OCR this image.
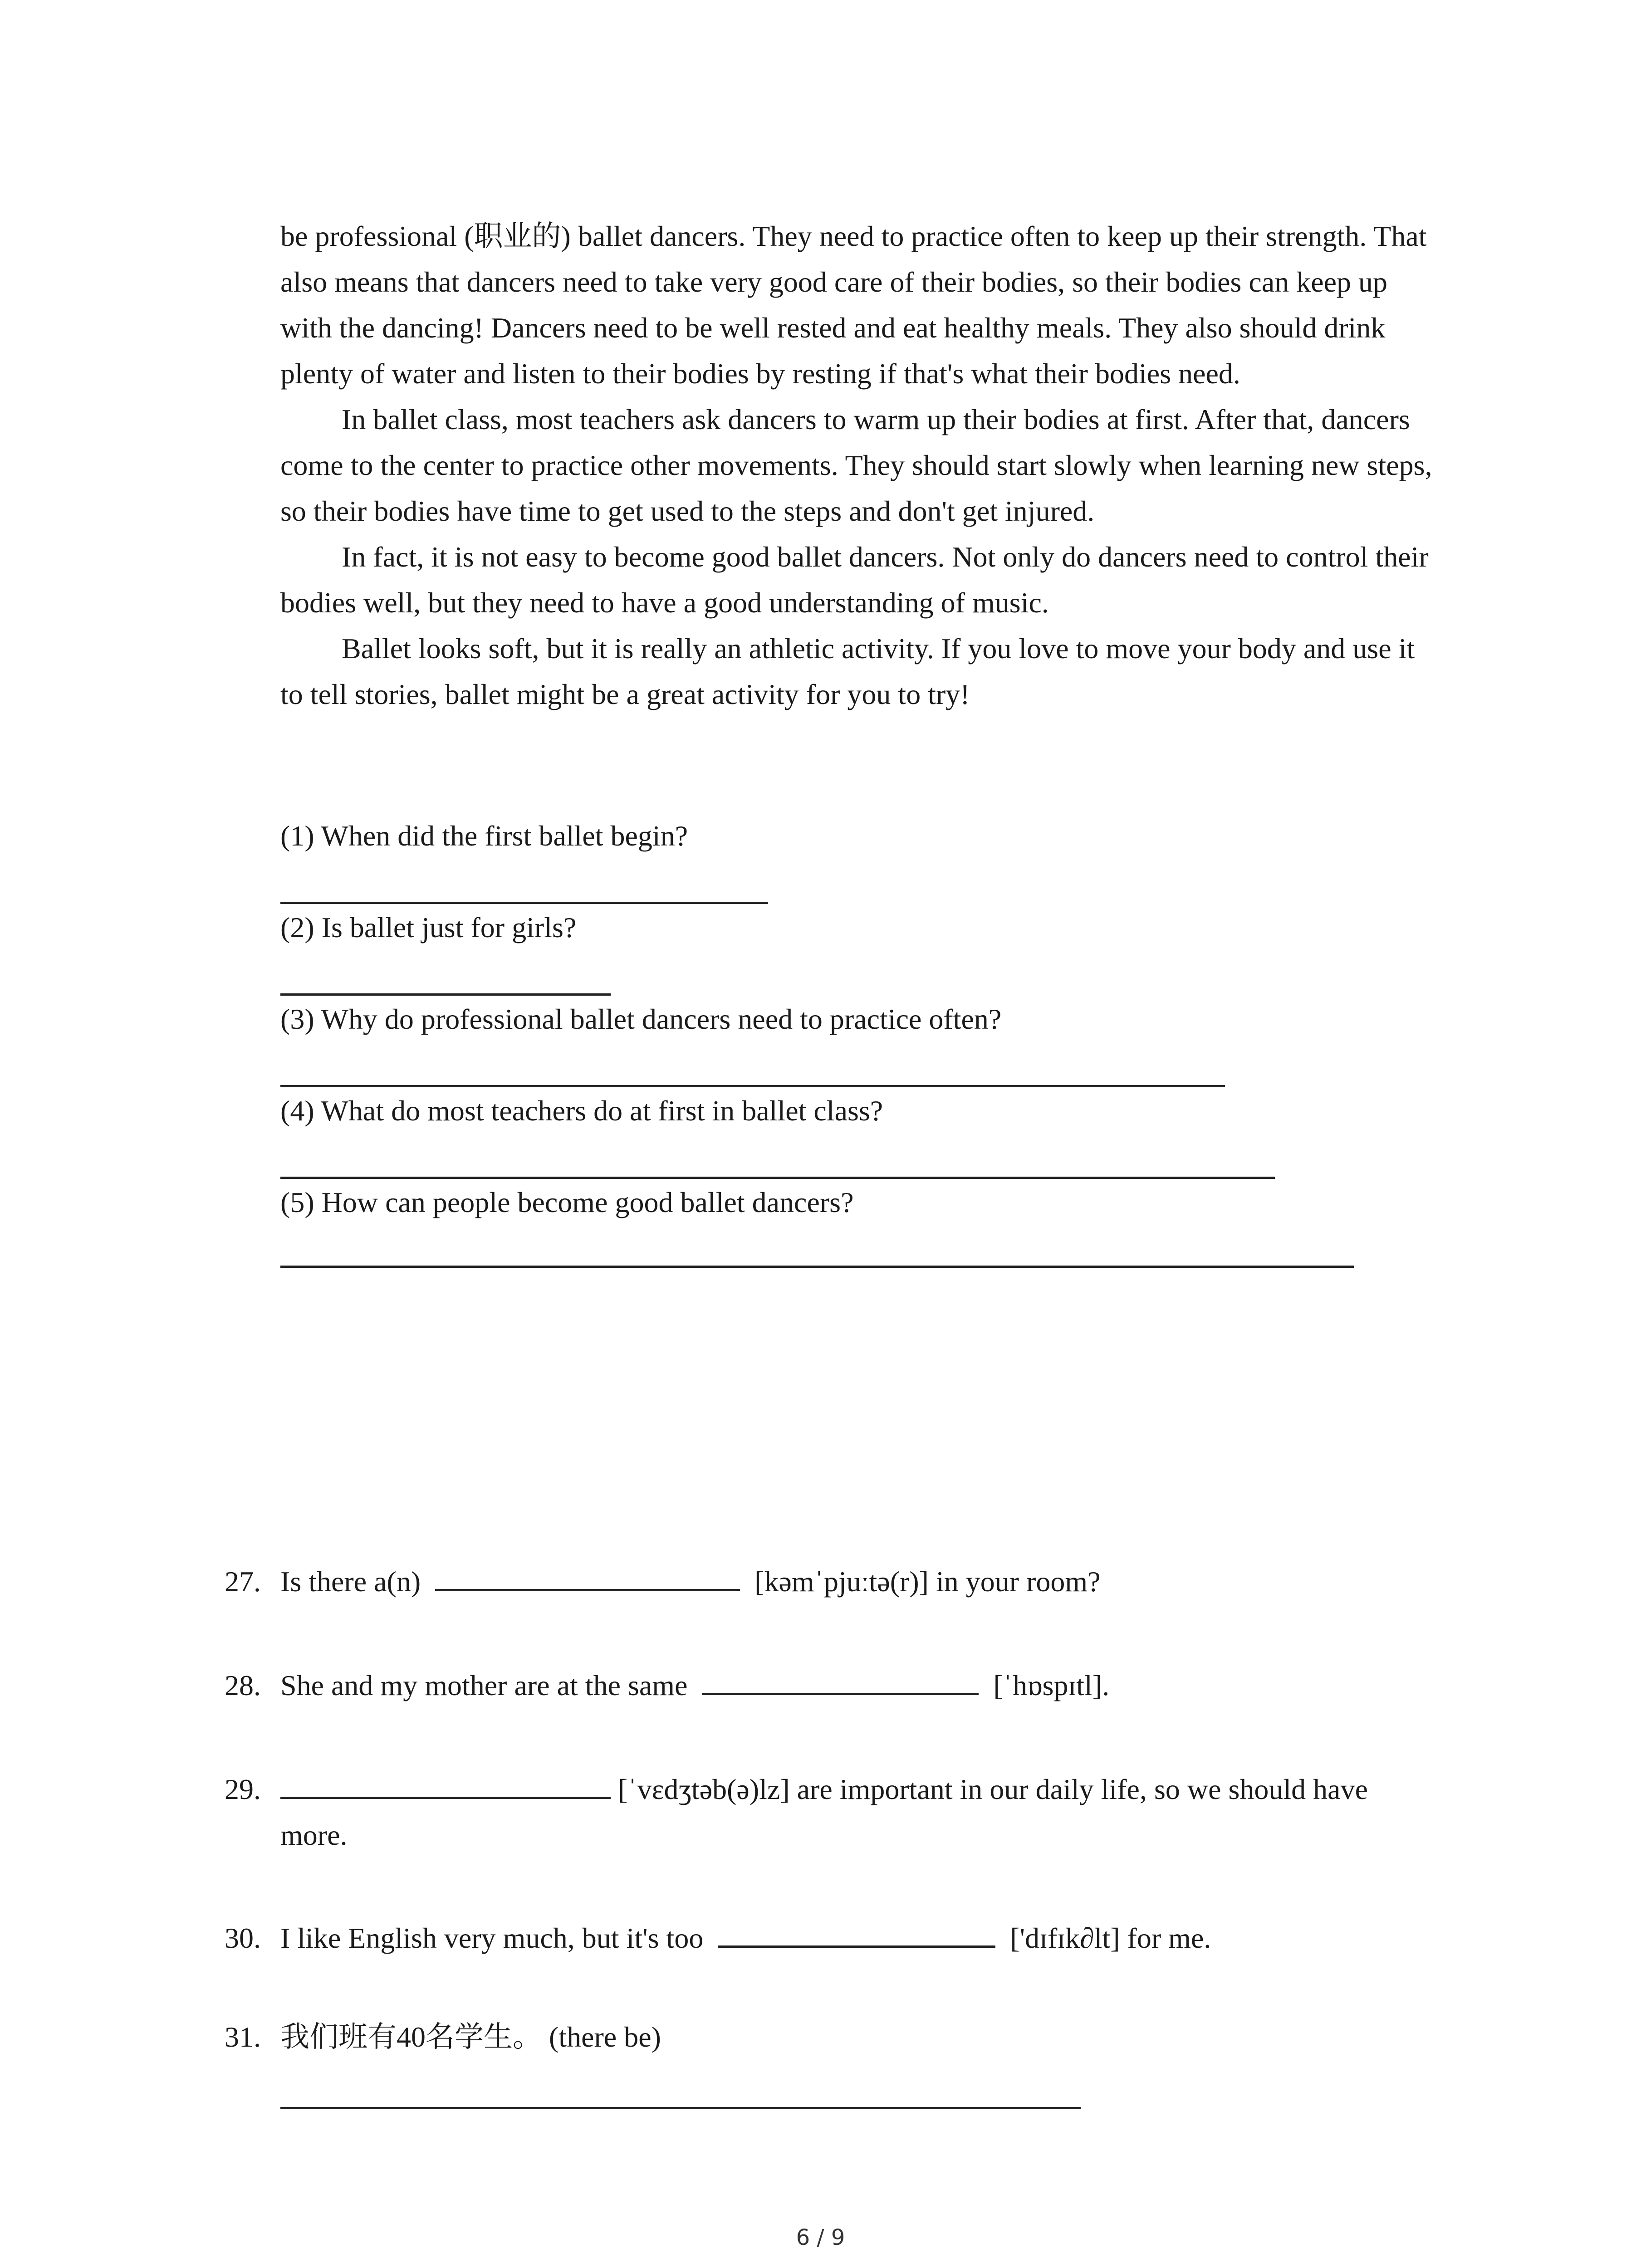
be professional (职业的) ballet dancers. They need to practice often to keep up their strength. That also means that dancers need to take very good care of their bodies, so their bodies can keep up with the dancing! Dancers need to be well rested and eat healthy meals. They also should drink plenty of water and listen to their bodies by resting if that's what their bodies need.

In ballet class, most teachers ask dancers to warm up their bodies at first. After that, dancers come to the center to practice other movements. They should start slowly when learning new steps, so their bodies have time to get used to the steps and don't get injured.

In fact, it is not easy to become good ballet dancers. Not only do dancers need to control their bodies well, but they need to have a good understanding of music.

Ballet looks soft, but it is really an athletic activity. If you love to move your body and use it to tell stories, ballet might be a great activity for you to try!

(1) When did the first ballet begin?
(2) Is ballet just for girls?
(3) Why do professional ballet dancers need to practice often?
(4) What do most teachers do at first in ballet class?
(5) How can people become good ballet dancers?
27. Is there a(n)	[kəmˈpjuːtə(r)] in your room?
28. She and my mother are at the same	[ˈhɒspɪtl].
29.	[ˈvɛdʒtəb(ə)lz] are important in our daily life, so we should have
more.
30. I like English very much, but it's too	['dɪfɪk∂lt] for me.
31. 我们班有40名学生。 (there be)
6 / 9
